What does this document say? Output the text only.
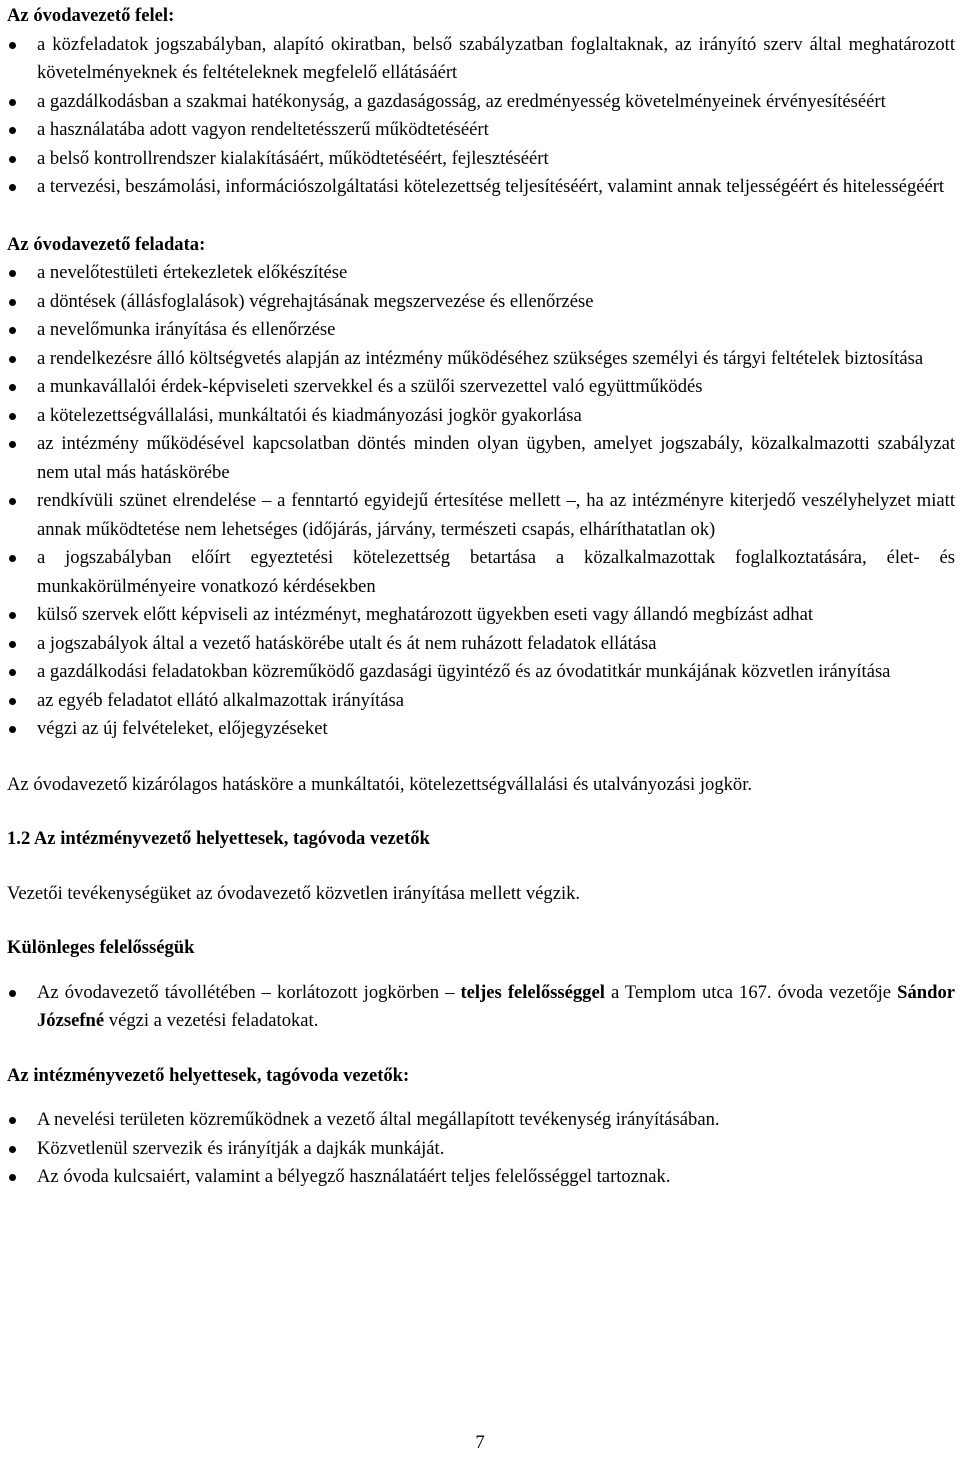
Az óvodavezető felel:

a közfeladatok jogszabályban, alapító okiratban, belső szabályzatban foglaltaknak, az irányító szerv által meghatározott követelményeknek és feltételeknek megfelelő ellátásáért
a gazdálkodásban a szakmai hatékonyság, a gazdaságosság, az eredményesség követelményeinek érvényesítéséért
a használatába adott vagyon rendeltetésszerű működtetéséért
a belső kontrollrendszer kialakításáért, működtetéséért, fejlesztéséért
a tervezési, beszámolási, információszolgáltatási kötelezettség teljesítéséért, valamint annak teljességéért és hitelességéért

Az óvodavezető feladata:

a nevelőtestületi értekezletek előkészítése
a döntések (állásfoglalások) végrehajtásának megszervezése és ellenőrzése
a nevelőmunka irányítása és ellenőrzése
a rendelkezésre álló költségvetés alapján az intézmény működéséhez szükséges személyi és tárgyi feltételek biztosítása
a munkavállalói érdek-képviseleti szervekkel és a szülői szervezettel való együttműködés
a kötelezettségvállalási, munkáltatói és kiadmányozási jogkör gyakorlása
az intézmény működésével kapcsolatban döntés minden olyan ügyben, amelyet jogszabály, közalkalmazotti szabályzat nem utal más hatáskörébe
rendkívüli szünet elrendelése – a fenntartó egyidejű értesítése mellett –, ha az intézményre kiterjedő veszélyhelyzet miatt annak működtetése nem lehetséges (időjárás, járvány, természeti csapás, elháríthatatlan ok)
a jogszabályban előírt egyeztetési kötelezettség betartása a közalkalmazottak foglalkoztatására, élet- és munkakörülményeire vonatkozó kérdésekben
külső szervek előtt képviseli az intézményt, meghatározott ügyekben eseti vagy állandó megbízást adhat
a jogszabályok által a vezető hatáskörébe utalt és át nem ruházott feladatok ellátása
a gazdálkodási feladatokban közreműködő gazdasági ügyintéző és az óvodatitkár munkájának közvetlen irányítása
az egyéb feladatot ellátó alkalmazottak irányítása
végzi az új felvételeket, előjegyzéseket

Az óvodavezető kizárólagos hatásköre a munkáltatói, kötelezettségvállalási és utalványozási jogkör.

1.2 Az intézményvezető helyettesek, tagóvoda vezetők

Vezetői tevékenységüket az óvodavezető közvetlen irányítása mellett végzik.

Különleges felelősségük

Az óvodavezető távollétében – korlátozott jogkörben – teljes felelősséggel a Templom utca 167. óvoda vezetője Sándor Józsefné végzi a vezetési feladatokat.

Az intézményvezető helyettesek, tagóvoda vezetők:

A nevelési területen közreműködnek a vezető által megállapított tevékenység irányításában.
Közvetlenül szervezik és irányítják a dajkák munkáját.
Az óvoda kulcsaiért, valamint a bélyegző használatáért teljes felelősséggel tartoznak.
7
